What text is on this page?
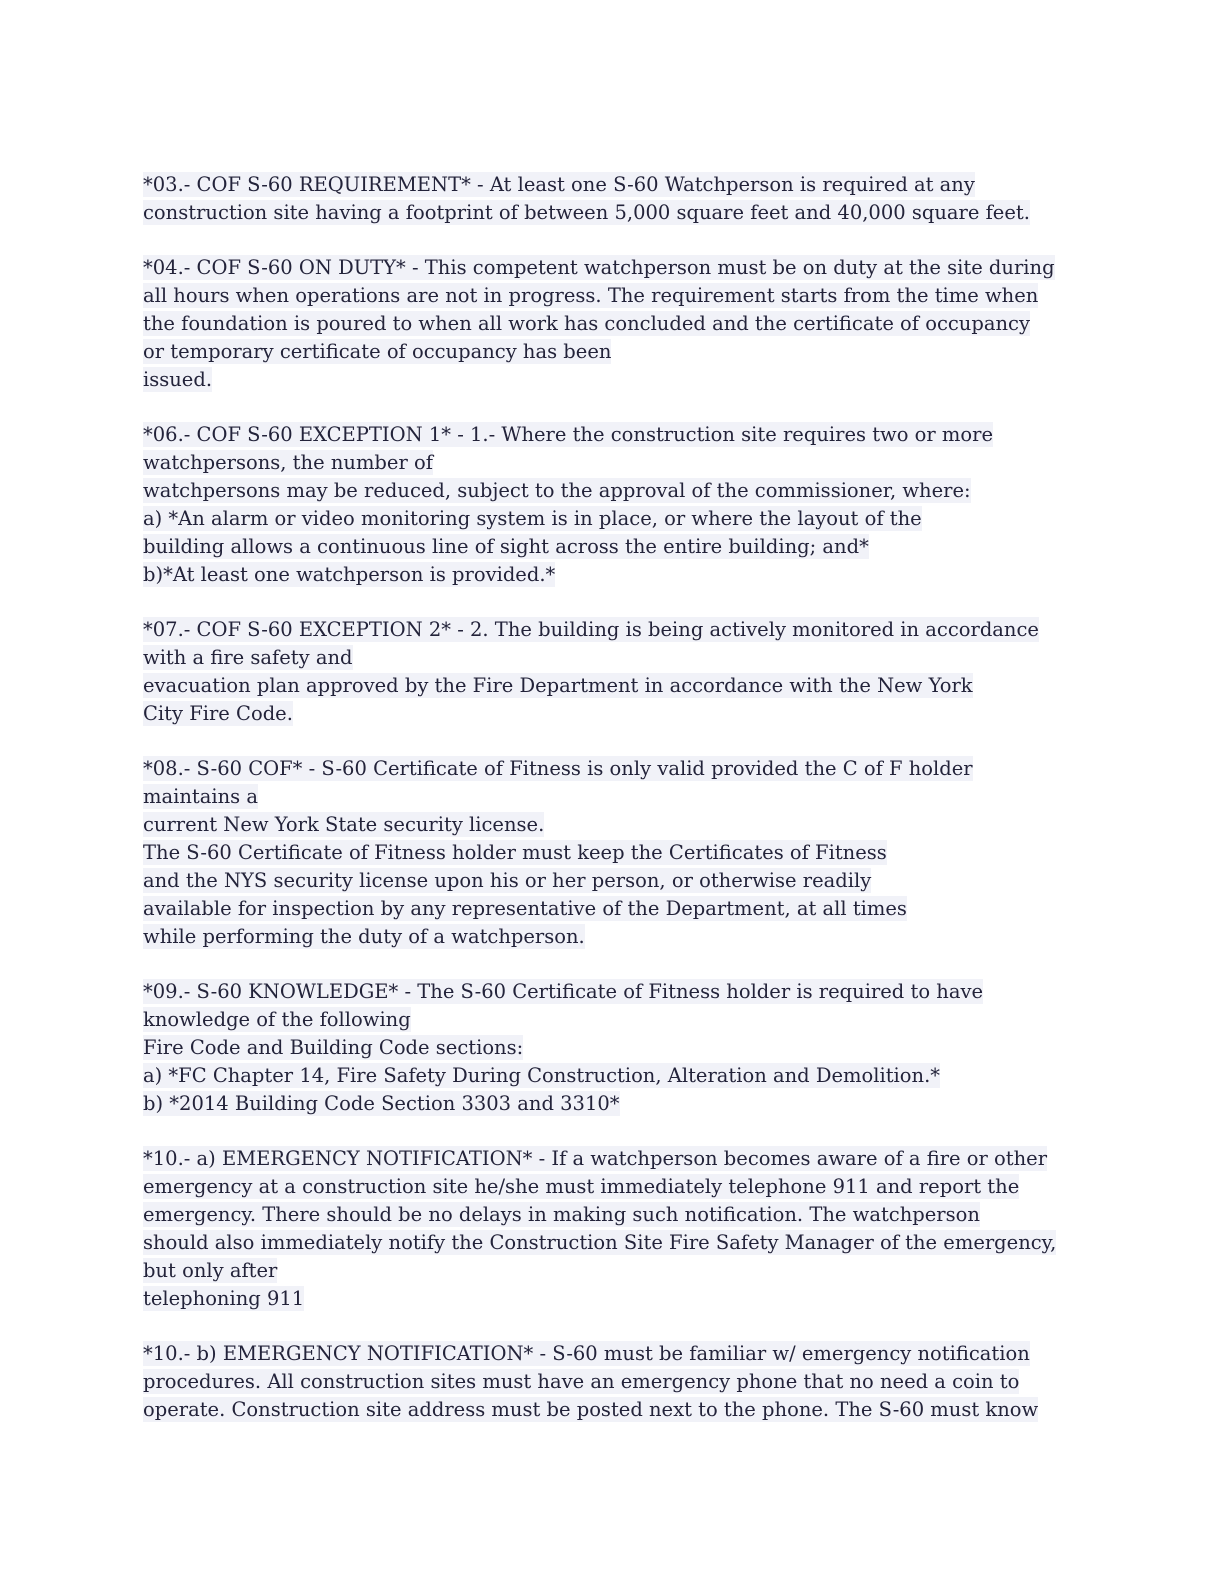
*03.- COF S-60 REQUIREMENT* - At least one S-60 Watchperson is required at any
construction site having a footprint of between 5,000 square feet and 40,000 square feet.
*04.- COF S-60 ON DUTY* - This competent watchperson must be on duty at the site during
all hours when operations are not in progress. The requirement starts from the time when
the foundation is poured to when all work has concluded and the certificate of occupancy
or temporary certificate of occupancy has been
issued.
*06.- COF S-60 EXCEPTION 1* - 1.- Where the construction site requires two or more
watchpersons, the number of
watchpersons may be reduced, subject to the approval of the commissioner, where:
a) *An alarm or video monitoring system is in place, or where the layout of the
building allows a continuous line of sight across the entire building; and*
b)*At least one watchperson is provided.*
*07.- COF S-60 EXCEPTION 2* - 2. The building is being actively monitored in accordance
with a fire safety and
evacuation plan approved by the Fire Department in accordance with the New York
City Fire Code.
*08.- S-60 COF* - S-60 Certificate of Fitness is only valid provided the C of F holder
maintains a
current New York State security license.
The S-60 Certificate of Fitness holder must keep the Certificates of Fitness
and the NYS security license upon his or her person, or otherwise readily
available for inspection by any representative of the Department, at all times
while performing the duty of a watchperson.
*09.- S-60 KNOWLEDGE* - The S-60 Certificate of Fitness holder is required to have
knowledge of the following
Fire Code and Building Code sections:
a) *FC Chapter 14, Fire Safety During Construction, Alteration and Demolition.*
b) *2014 Building Code Section 3303 and 3310*
*10.- a) EMERGENCY NOTIFICATION* - If a watchperson becomes aware of a fire or other
emergency at a construction site he/she must immediately telephone 911 and report the
emergency. There should be no delays in making such notification. The watchperson
should also immediately notify the Construction Site Fire Safety Manager of the emergency,
but only after
telephoning 911
*10.- b) EMERGENCY NOTIFICATION* - S-60 must be familiar w/ emergency notification
procedures. All construction sites must have an emergency phone that no need a coin to
operate. Construction site address must be posted next to the phone. The S-60 must know
